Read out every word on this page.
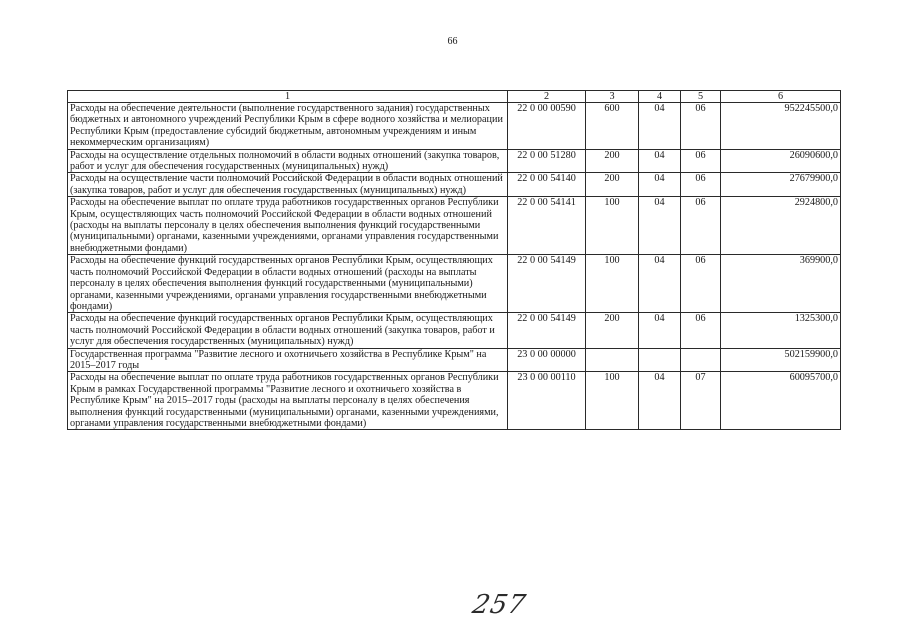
66
1	2	3	4	5	6
Расходы на обеспечение деятельности (выполнение государственного задания) государственных бюджетных и автономного учреждений Республики Крым в сфере водного хозяйства и мелиорации Республики Крым (предоставление субсидий бюджетным, автономным учреждениям и иным некоммерческим организациям)	22 0 00 00590	600	04	06	952245500,0
Расходы на осуществление отдельных полномочий в области водных отношений (закупка товаров, работ и услуг для обеспечения государственных (муниципальных) нужд)	22 0 00 51280	200	04	06	26090600,0
Расходы на осуществление части полномочий Российской Федерации в области водных отношений (закупка товаров, работ и услуг для обеспечения государственных (муниципальных) нужд)	22 0 00 54140	200	04	06	27679900,0
Расходы на обеспечение выплат по оплате труда работников государственных органов Республики Крым, осуществляющих часть полномочий Российской Федерации в области водных отношений (расходы на выплаты персоналу в целях обеспечения выполнения функций государственными (муниципальными) органами, казенными учреждениями, органами управления государственными внебюджетными фондами)	22 0 00 54141	100	04	06	2924800,0
Расходы на обеспечение функций государственных органов Республики Крым, осуществляющих часть полномочий Российской Федерации в области водных отношений (расходы на выплаты персоналу в целях обеспечения выполнения функций государственными (муниципальными) органами, казенными учреждениями, органами управления государственными внебюджетными фондами)	22 0 00 54149	100	04	06	369900,0
Расходы на обеспечение функций государственных органов Республики Крым, осуществляющих часть полномочий Российской Федерации в области водных отношений (закупка товаров, работ и услуг для обеспечения государственных (муниципальных) нужд)	22 0 00 54149	200	04	06	1325300,0
Государственная программа "Развитие лесного и охотничьего хозяйства в Республике Крым" на 2015–2017 годы	23 0 00 00000				502159900,0
Расходы на обеспечение выплат по оплате труда работников государственных органов Республики Крым в рамках Государственной программы "Развитие лесного и охотничьего хозяйства в Республике Крым" на 2015–2017 годы (расходы на выплаты персоналу в целях обеспечения выполнения функций государственными (муниципальными) органами, казенными учреждениями, органами управления государственными внебюджетными фондами)	23 0 00 00110	100	04	07	60095700,0
257
